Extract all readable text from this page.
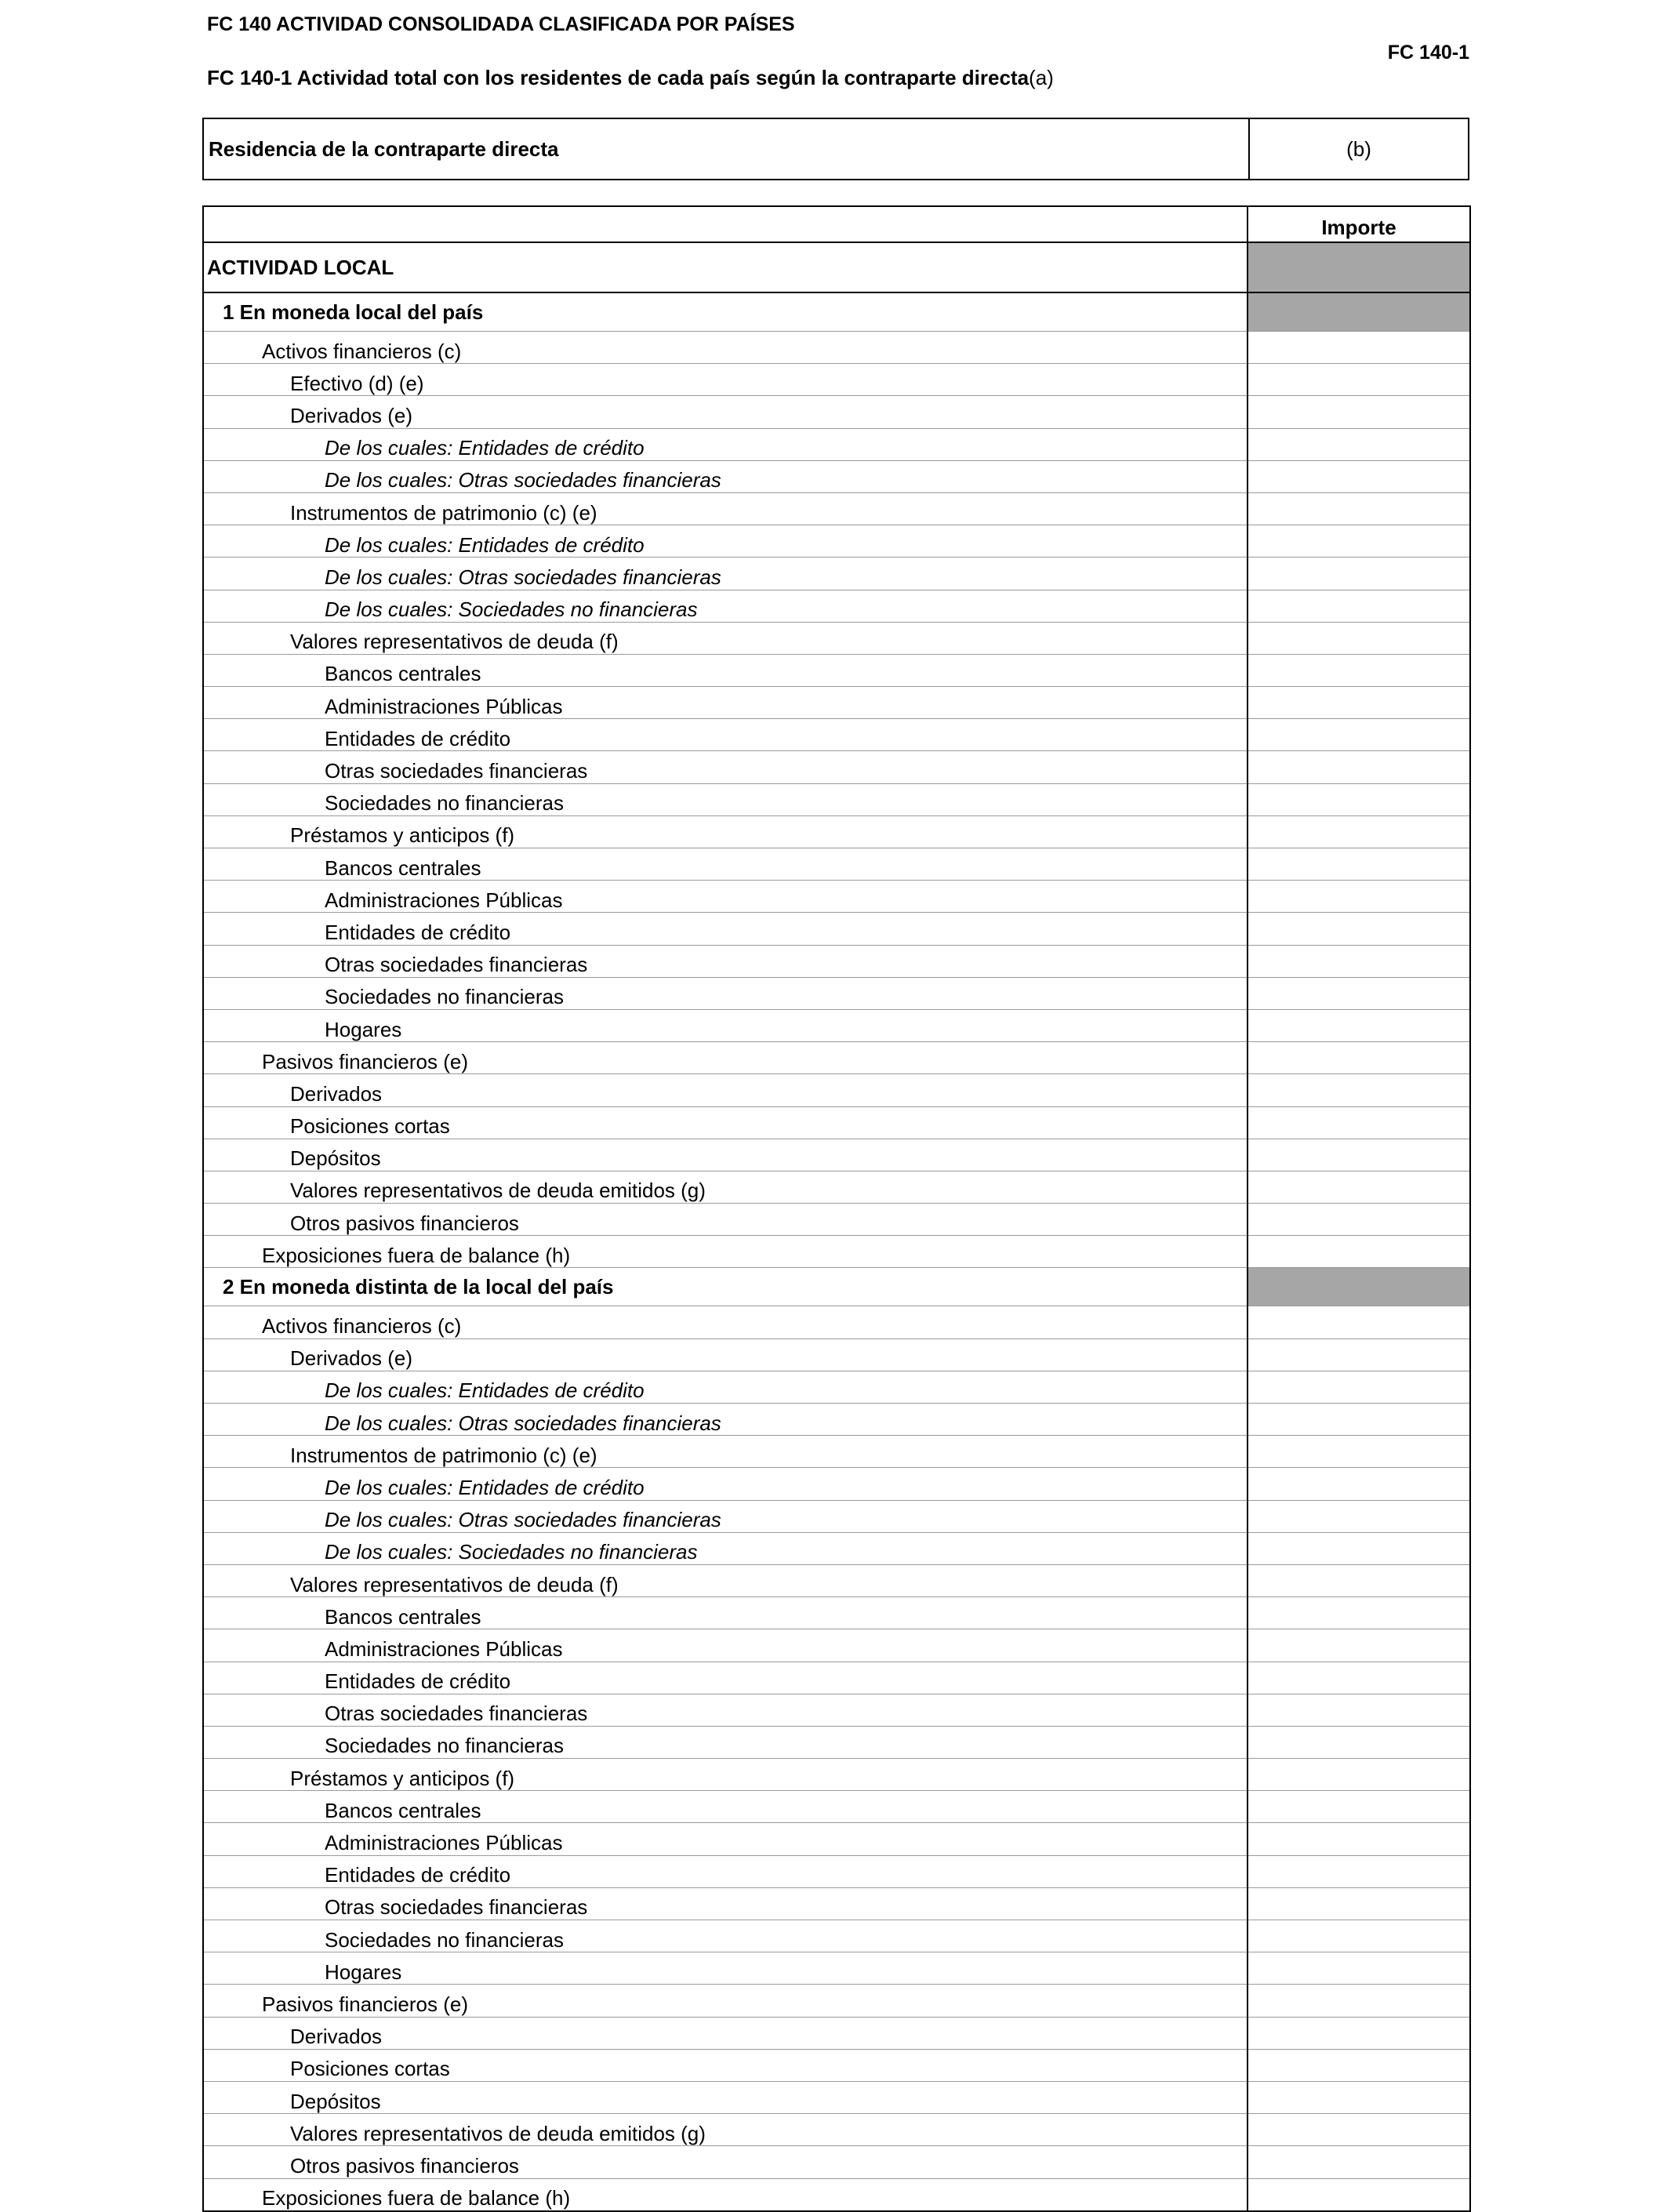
FC 140 ACTIVIDAD CONSOLIDADA CLASIFICADA POR PAÍSES
FC 140-1
FC 140-1 Actividad total con los residentes de cada país según la contraparte directa(a)
Residencia de la contraparte directa	(b)
	Importe
ACTIVIDAD LOCAL	
1 En moneda local del país	
Activos financieros (c)	
Efectivo (d) (e)	
Derivados (e)	
De los cuales: Entidades de crédito	
De los cuales: Otras sociedades financieras	
Instrumentos de patrimonio (c) (e)	
De los cuales: Entidades de crédito	
De los cuales: Otras sociedades financieras	
De los cuales: Sociedades no financieras	
Valores representativos de deuda (f)	
Bancos centrales	
Administraciones Públicas	
Entidades de crédito	
Otras sociedades financieras	
Sociedades no financieras	
Préstamos y anticipos (f)	
Bancos centrales	
Administraciones Públicas	
Entidades de crédito	
Otras sociedades financieras	
Sociedades no financieras	
Hogares	
Pasivos financieros (e)	
Derivados	
Posiciones cortas	
Depósitos	
Valores representativos de deuda emitidos (g)	
Otros pasivos financieros	
Exposiciones fuera de balance (h)	
2 En moneda distinta de la local del país	
Activos financieros (c)	
Derivados (e)	
De los cuales: Entidades de crédito	
De los cuales: Otras sociedades financieras	
Instrumentos de patrimonio (c) (e)	
De los cuales: Entidades de crédito	
De los cuales: Otras sociedades financieras	
De los cuales: Sociedades no financieras	
Valores representativos de deuda (f)	
Bancos centrales	
Administraciones Públicas	
Entidades de crédito	
Otras sociedades financieras	
Sociedades no financieras	
Préstamos y anticipos (f)	
Bancos centrales	
Administraciones Públicas	
Entidades de crédito	
Otras sociedades financieras	
Sociedades no financieras	
Hogares	
Pasivos financieros (e)	
Derivados	
Posiciones cortas	
Depósitos	
Valores representativos de deuda emitidos (g)	
Otros pasivos financieros	
Exposiciones fuera de balance (h)	
